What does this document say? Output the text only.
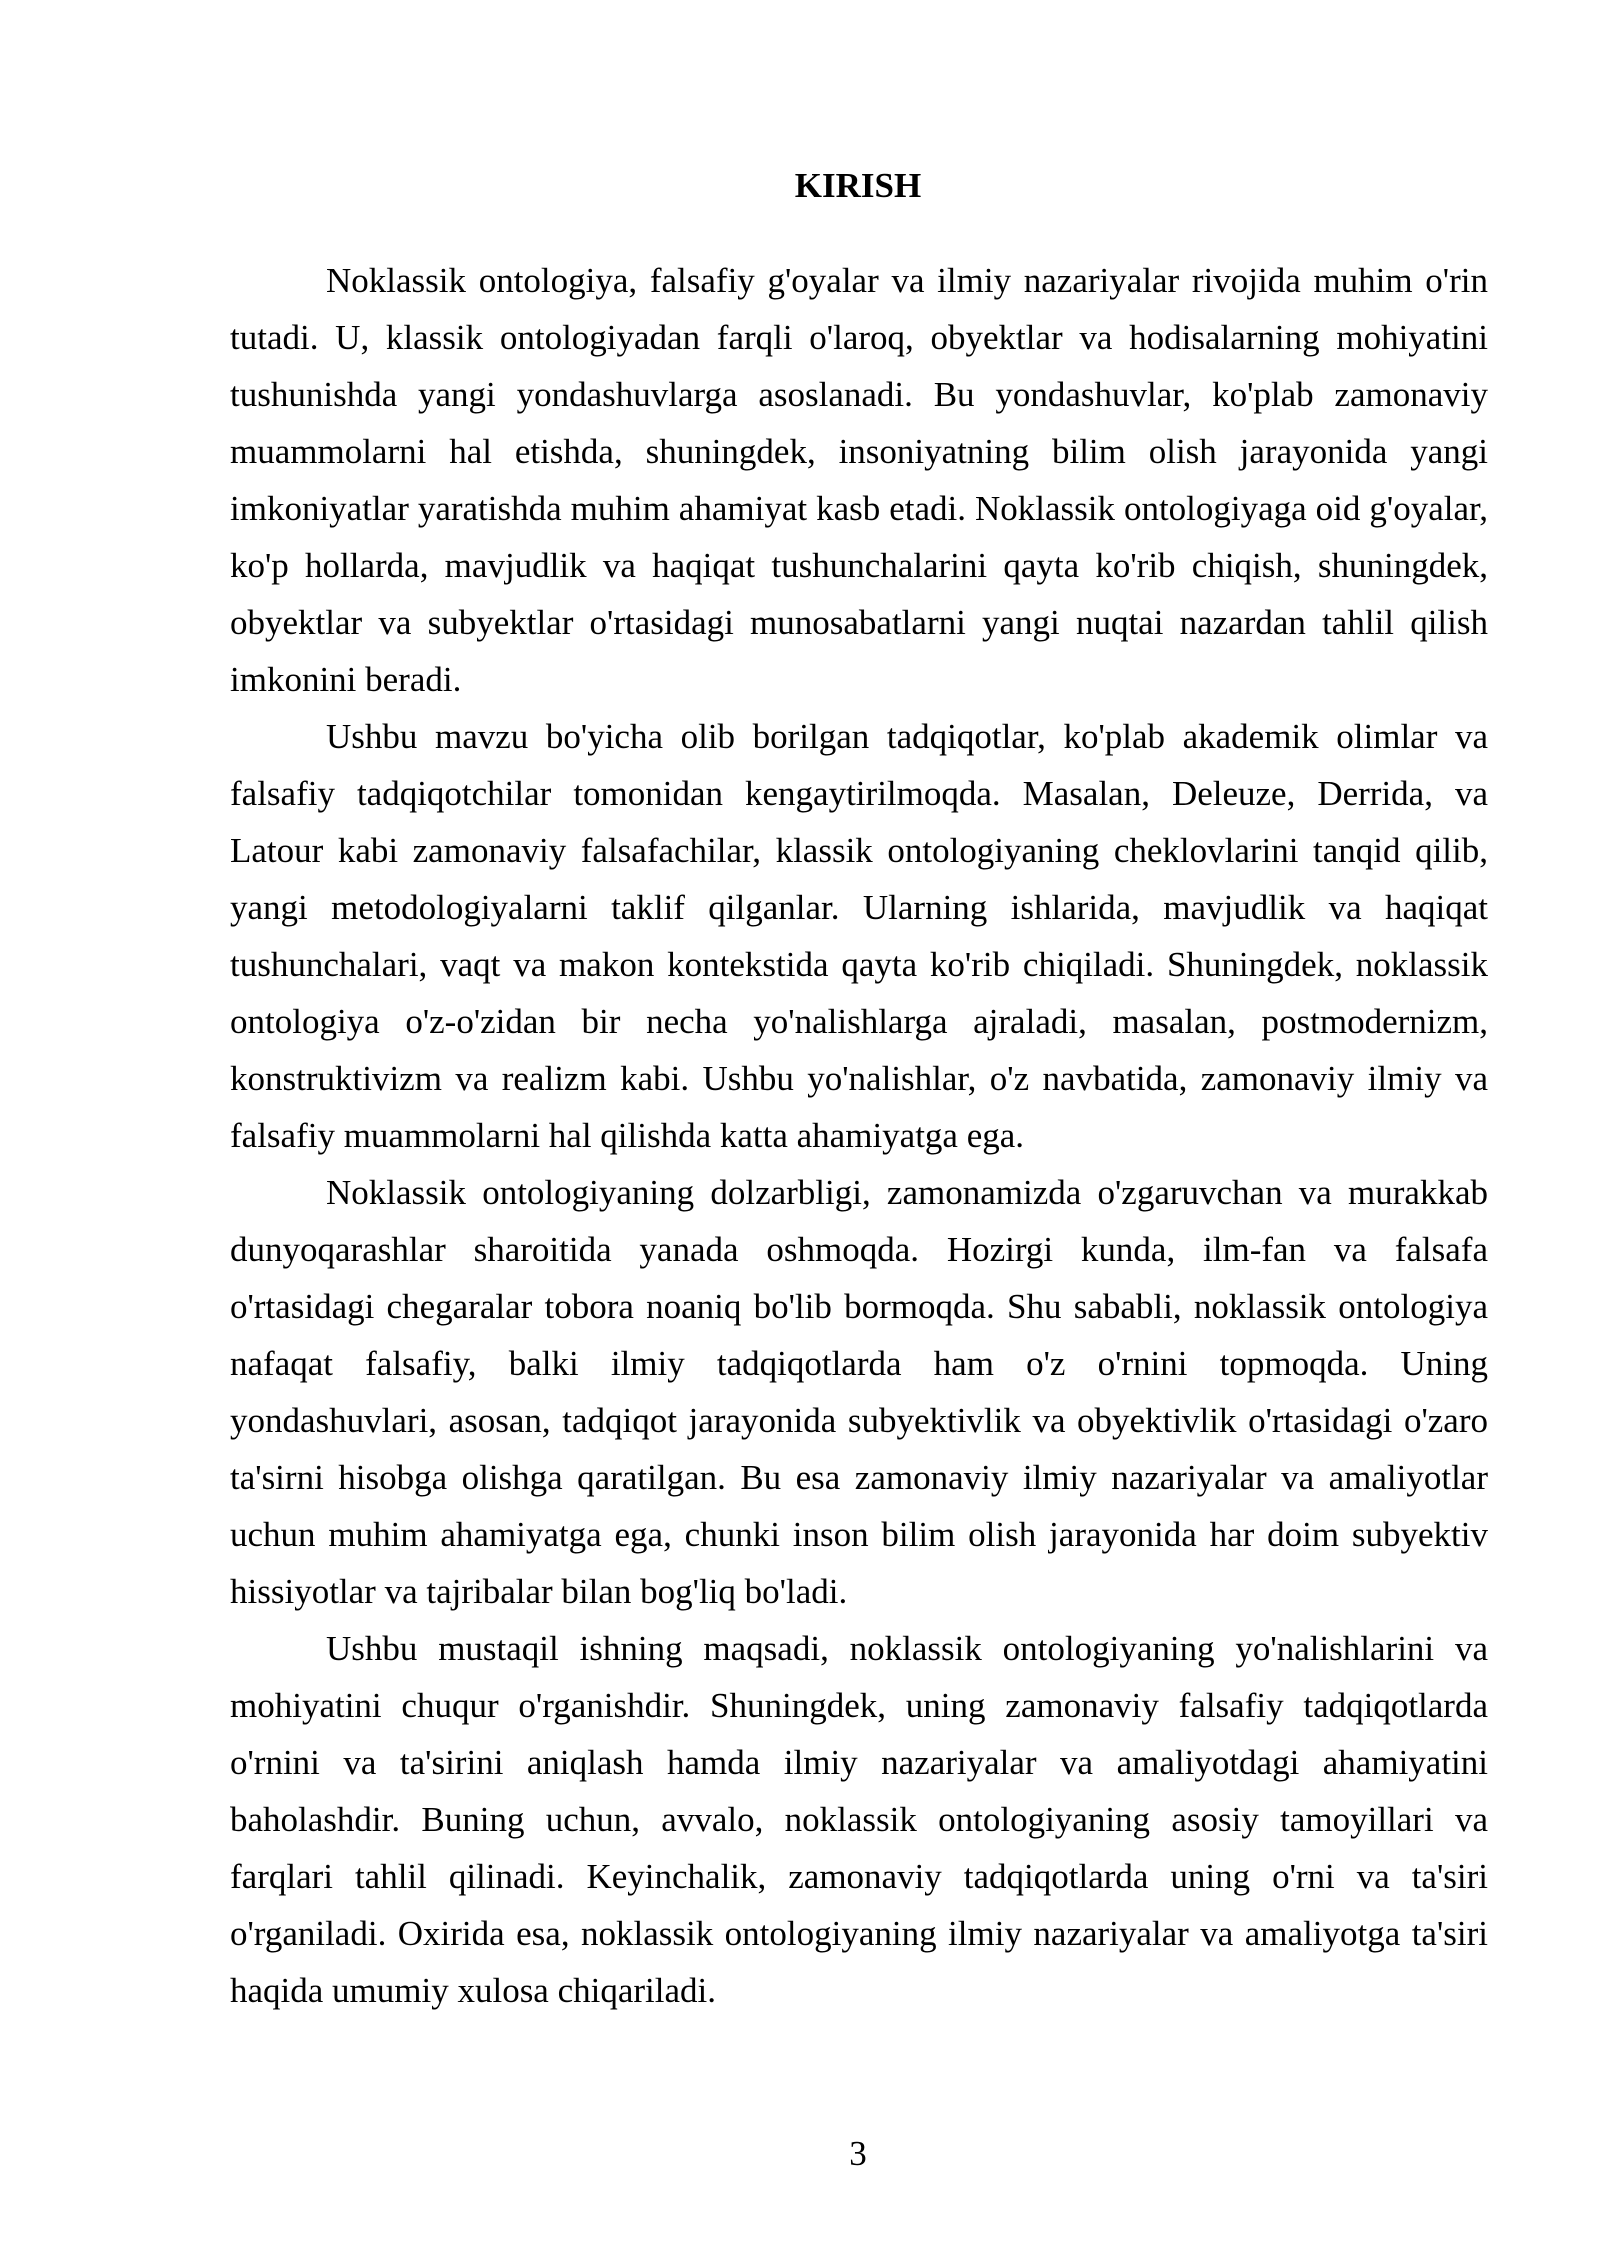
KIRISH

Noklassik ontologiya, falsafiy g'oyalar va ilmiy nazariyalar rivojida muhim o'rin tutadi. U, klassik ontologiyadan farqli o'laroq, obyektlar va hodisalarning mohiyatini tushunishda yangi yondashuvlarga asoslanadi. Bu yondashuvlar, ko'plab zamonaviy muammolarni hal etishda, shuningdek, insoniyatning bilim olish jarayonida yangi imkoniyatlar yaratishda muhim ahamiyat kasb etadi. Noklassik ontologiyaga oid g'oyalar, ko'p hollarda, mavjudlik va haqiqat tushunchalarini qayta ko'rib chiqish, shuningdek, obyektlar va subyektlar o'rtasidagi munosabatlarni yangi nuqtai nazardan tahlil qilish imkonini beradi.

Ushbu mavzu bo'yicha olib borilgan tadqiqotlar, ko'plab akademik olimlar va falsafiy tadqiqotchilar tomonidan kengaytirilmoqda. Masalan, Deleuze, Derrida, va Latour kabi zamonaviy falsafachilar, klassik ontologiyaning cheklovlarini tanqid qilib, yangi metodologiyalarni taklif qilganlar. Ularning ishlarida, mavjudlik va haqiqat tushunchalari, vaqt va makon kontekstida qayta ko'rib chiqiladi. Shuningdek, noklassik ontologiya o'z-o'zidan bir necha yo'nalishlarga ajraladi, masalan, postmodernizm, konstruktivizm va realizm kabi. Ushbu yo'nalishlar, o'z navbatida, zamonaviy ilmiy va falsafiy muammolarni hal qilishda katta ahamiyatga ega.

Noklassik ontologiyaning dolzarbligi, zamonamizda o'zgaruvchan va murakkab dunyoqarashlar sharoitida yanada oshmoqda. Hozirgi kunda, ilm-fan va falsafa o'rtasidagi chegaralar tobora noaniq bo'lib bormoqda. Shu sababli, noklassik ontologiya nafaqat falsafiy, balki ilmiy tadqiqotlarda ham o'z o'rnini topmoqda. Uning yondashuvlari, asosan, tadqiqot jarayonida subyektivlik va obyektivlik o'rtasidagi o'zaro ta'sirni hisobga olishga qaratilgan. Bu esa zamonaviy ilmiy nazariyalar va amaliyotlar uchun muhim ahamiyatga ega, chunki inson bilim olish jarayonida har doim subyektiv hissiyotlar va tajribalar bilan bog'liq bo'ladi.

Ushbu mustaqil ishning maqsadi, noklassik ontologiyaning yo'nalishlarini va mohiyatini chuqur o'rganishdir. Shuningdek, uning zamonaviy falsafiy tadqiqotlarda o'rnini va ta'sirini aniqlash hamda ilmiy nazariyalar va amaliyotdagi ahamiyatini baholashdir. Buning uchun, avvalo, noklassik ontologiyaning asosiy tamoyillari va farqlari tahlil qilinadi. Keyinchalik, zamonaviy tadqiqotlarda uning o'rni va ta'siri o'rganiladi. Oxirida esa, noklassik ontologiyaning ilmiy nazariyalar va amaliyotga ta'siri haqida umumiy xulosa chiqariladi.

3
